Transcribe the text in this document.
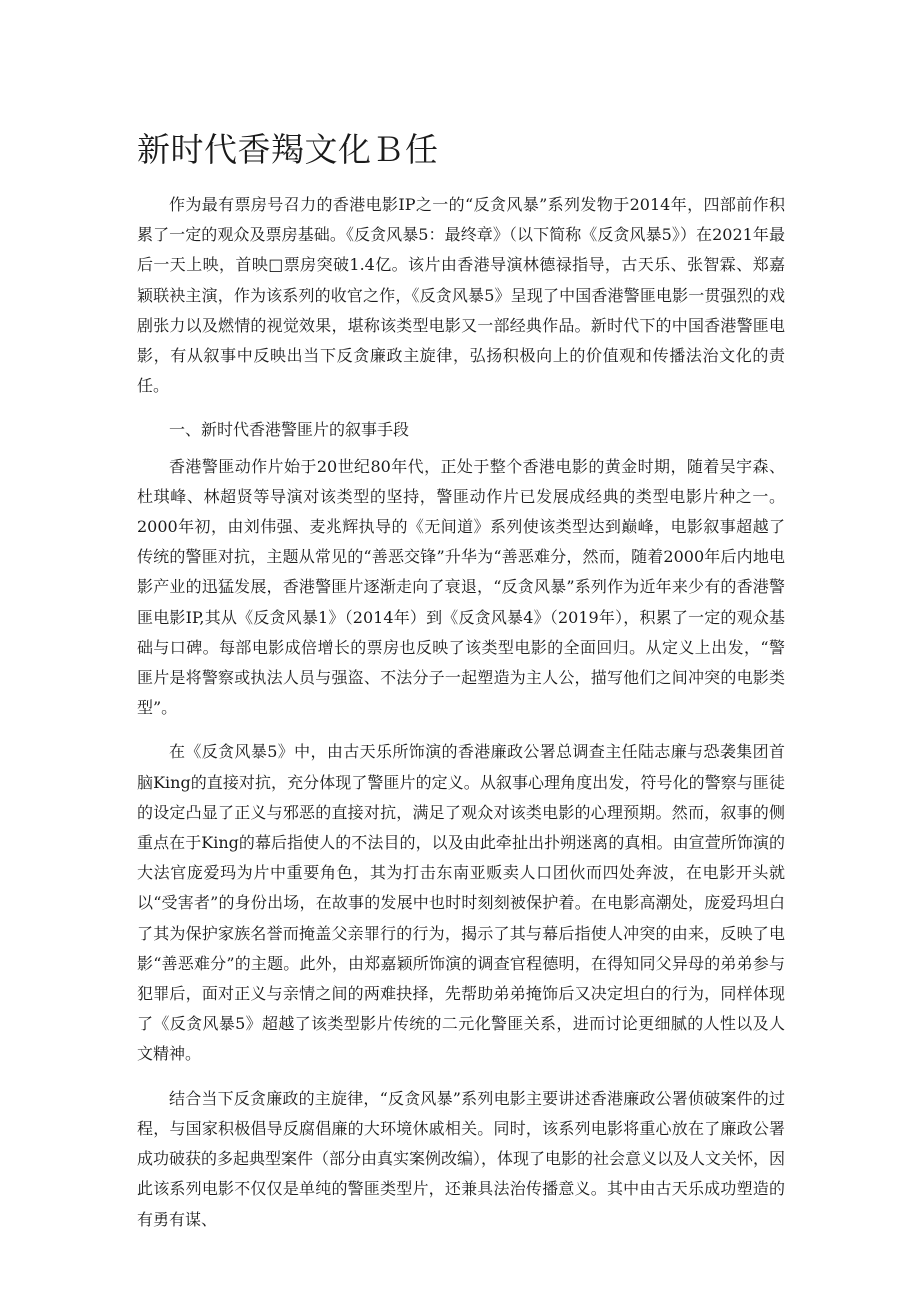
新时代香羯文化Ｂ任

作为最有票房号召力的香港电影IP之一的“反贪风暴”系列发物于2014年，四部前作积累了一定的观众及票房基础。《反贪风暴5：最终章》（以下简称《反贪风暴5》）在2021年最后一天上映，首映□票房突破1.4亿。该片由香港导演林德禄指导，古天乐、张智霖、郑嘉颖联袂主演，作为该系列的收官之作，《反贪风暴5》呈现了中国香港警匪电影一贯强烈的戏剧张力以及燃情的视觉效果，堪称该类型电影又一部经典作品。新时代下的中国香港警匪电影，有从叙事中反映出当下反贪廉政主旋律，弘扬积极向上的价值观和传播法治文化的责任。

一、新时代香港警匪片的叙事手段

香港警匪动作片始于20世纪80年代，正处于整个香港电影的黄金时期，随着吴宇森、杜琪峰、林超贤等导演对该类型的坚持，警匪动作片已发展成经典的类型电影片种之一。2000年初，由刘伟强、麦兆辉执导的《无间道》系列使该类型达到巅峰，电影叙事超越了传统的警匪对抗，主题从常见的“善恶交锋”升华为“善恶难分，然而，随着2000年后内地电影产业的迅猛发展，香港警匪片逐渐走向了衰退，“反贪风暴”系列作为近年来少有的香港警匪电影IP,其从《反贪风暴1》（2014年）到《反贪风暴4》（2019年），积累了一定的观众基础与口碑。每部电影成倍增长的票房也反映了该类型电影的全面回归。从定义上出发，“警匪片是将警察或执法人员与强盗、不法分子一起塑造为主人公，描写他们之间冲突的电影类型”。

在《反贪风暴5》中，由古天乐所饰演的香港廉政公署总调查主任陆志廉与恐袭集团首脑King的直接对抗，充分体现了警匪片的定义。从叙事心理角度出发，符号化的警察与匪徒的设定凸显了正义与邪恶的直接对抗，满足了观众对该类电影的心理预期。然而，叙事的侧重点在于King的幕后指使人的不法目的，以及由此牵扯出扑朔迷离的真相。由宣萱所饰演的大法官庞爱玛为片中重要角色，其为打击东南亚贩卖人口团伙而四处奔波，在电影开头就以“受害者”的身份出场，在故事的发展中也时时刻刻被保护着。在电影高潮处，庞爱玛坦白了其为保护家族名誉而掩盖父亲罪行的行为，揭示了其与幕后指使人冲突的由来，反映了电影“善恶难分”的主题。此外，由郑嘉颖所饰演的调查官程德明，在得知同父异母的弟弟参与犯罪后，面对正义与亲情之间的两难抉择，先帮助弟弟掩饰后又决定坦白的行为，同样体现了《反贪风暴5》超越了该类型影片传统的二元化警匪关系，进而讨论更细腻的人性以及人文精神。

结合当下反贪廉政的主旋律，“反贪风暴”系列电影主要讲述香港廉政公署侦破案件的过程，与国家积极倡导反腐倡廉的大环境休戚相关。同时，该系列电影将重心放在了廉政公署成功破获的多起典型案件（部分由真实案例改编），体现了电影的社会意义以及人文关怀，因此该系列电影不仅仅是单纯的警匪类型片，还兼具法治传播意义。其中由古天乐成功塑造的有勇有谋、
